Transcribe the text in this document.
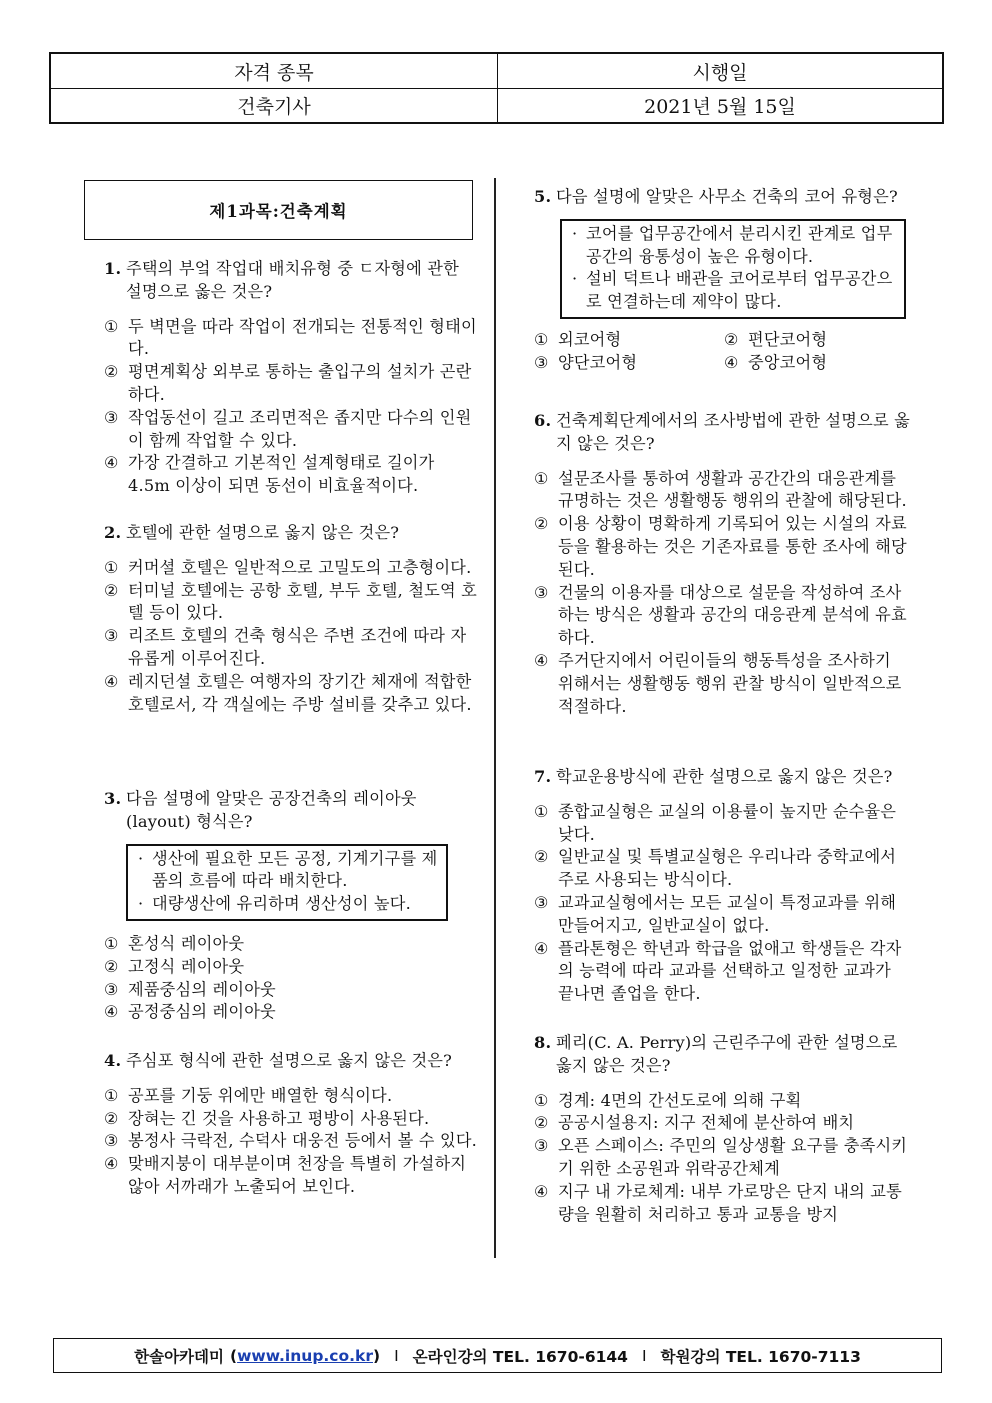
자격 종목	시행일
건축기사	2021년 5월 15일
제1과목:건축계획
1. 주택의 부엌 작업대 배치유형 중 ㄷ자형에 관한 설명으로 옳은 것은?
① 두 벽면을 따라 작업이 전개되는 전통적인 형태이다.
② 평면계획상 외부로 통하는 출입구의 설치가 곤란하다.
③ 작업동선이 길고 조리면적은 좁지만 다수의 인원이 함께 작업할 수 있다.
④ 가장 간결하고 기본적인 설계형태로 길이가 4.5m 이상이 되면 동선이 비효율적이다.
2. 호텔에 관한 설명으로 옳지 않은 것은?
① 커머셜 호텔은 일반적으로 고밀도의 고층형이다.
② 터미널 호텔에는 공항 호텔, 부두 호텔, 철도역 호텔 등이 있다.
③ 리조트 호텔의 건축 형식은 주변 조건에 따라 자유롭게 이루어진다.
④ 레지던셜 호텔은 여행자의 장기간 체재에 적합한 호텔로서, 각 객실에는 주방 설비를 갖추고 있다.
3. 다음 설명에 알맞은 공장건축의 레이아웃 (layout) 형식은?
· 생산에 필요한 모든 공정, 기계기구를 제품의 흐름에 따라 배치한다.
· 대량생산에 유리하며 생산성이 높다.
① 혼성식 레이아웃
② 고정식 레이아웃
③ 제품중심의 레이아웃
④ 공정중심의 레이아웃
4. 주심포 형식에 관한 설명으로 옳지 않은 것은?
① 공포를 기둥 위에만 배열한 형식이다.
② 장혀는 긴 것을 사용하고 평방이 사용된다.
③ 봉정사 극락전, 수덕사 대웅전 등에서 볼 수 있다.
④ 맞배지붕이 대부분이며 천장을 특별히 가설하지 않아 서까래가 노출되어 보인다.
5. 다음 설명에 알맞은 사무소 건축의 코어 유형은?
· 코어를 업무공간에서 분리시킨 관계로 업무공간의 융통성이 높은 유형이다.
· 설비 덕트나 배관을 코어로부터 업무공간으로 연결하는데 제약이 많다.
① 외코어형	② 편단코어형
③ 양단코어형	④ 중앙코어형
6. 건축계획단계에서의 조사방법에 관한 설명으로 옳지 않은 것은?
① 설문조사를 통하여 생활과 공간간의 대응관계를 규명하는 것은 생활행동 행위의 관찰에 해당된다.
② 이용 상황이 명확하게 기록되어 있는 시설의 자료 등을 활용하는 것은 기존자료를 통한 조사에 해당된다.
③ 건물의 이용자를 대상으로 설문을 작성하여 조사하는 방식은 생활과 공간의 대응관계 분석에 유효하다.
④ 주거단지에서 어린이들의 행동특성을 조사하기 위해서는 생활행동 행위 관찰 방식이 일반적으로 적절하다.
7. 학교운용방식에 관한 설명으로 옳지 않은 것은?
① 종합교실형은 교실의 이용률이 높지만 순수율은 낮다.
② 일반교실 및 특별교실형은 우리나라 중학교에서 주로 사용되는 방식이다.
③ 교과교실형에서는 모든 교실이 특정교과를 위해 만들어지고, 일반교실이 없다.
④ 플라톤형은 학년과 학급을 없애고 학생들은 각자의 능력에 따라 교과를 선택하고 일정한 교과가 끝나면 졸업을 한다.
8. 페리(C. A. Perry)의 근린주구에 관한 설명으로 옳지 않은 것은?
① 경계: 4면의 간선도로에 의해 구획
② 공공시설용지: 지구 전체에 분산하여 배치
③ 오픈 스페이스: 주민의 일상생활 요구를 충족시키기 위한 소공원과 위락공간체계
④ 지구 내 가로체계: 내부 가로망은 단지 내의 교통량을 원활히 처리하고 통과 교통을 방지
한솔아카데미 ( www.inup.co.kr ) I 온라인강의 TEL. 1670-6144 I 학원강의 TEL. 1670-7113
